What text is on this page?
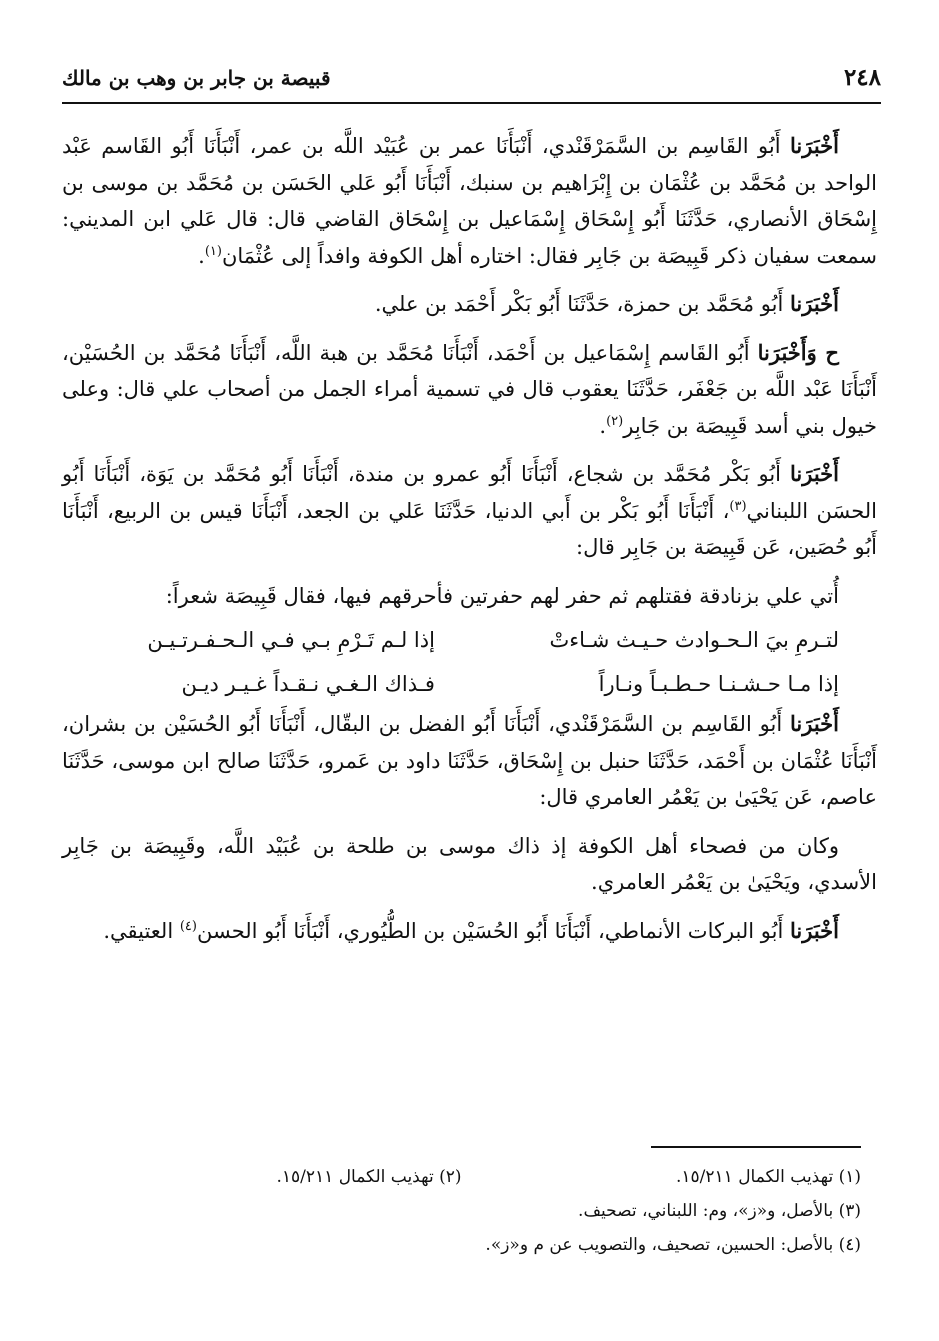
٢٤٨
قبيصة بن جابر بن وهب بن مالك

أَخْبَرَنا أَبُو القَاسِم بن السَّمَرْقَنْدي، أَنْبَأَنَا عمر بن عُبَيْد اللَّه بن عمر، أَنْبَأَنَا أَبُو القَاسم عَبْد الواحد بن مُحَمَّد بن عُثْمَان بن إِبْرَاهيم بن سنبك، أَنْبَأَنَا أَبُو عَلي الحَسَن بن مُحَمَّد بن موسى بن إِسْحَاق الأنصاري، حَدَّثَنَا أَبُو إِسْحَاق إِسْمَاعيل بن إِسْحَاق القاضي قال: قال عَلي ابن المديني: سمعت سفيان ذكر قَبِيصَة بن جَابِر فقال: اختاره أهل الكوفة وافداً إلى عُثْمَان$^{(١)}$.

أَخْبَرَنا أَبُو مُحَمَّد بن حمزة، حَدَّثَنَا أَبُو بَكْر أَحْمَد بن علي.

ح وَأَخْبَرَنا أَبُو القَاسم إِسْمَاعيل بن أَحْمَد، أَنْبَأَنَا مُحَمَّد بن هبة اللَّه، أَنْبَأَنَا مُحَمَّد بن الحُسَيْن، أَنْبَأَنَا عَبْد اللَّه بن جَعْفَر، حَدَّثَنَا يعقوب قال في تسمية أمراء الجمل من أصحاب علي قال: وعلى خيول بني أسد قَبِيصَة بن جَابِر$^{(٢)}$.

أَخْبَرَنا أَبُو بَكْر مُحَمَّد بن شجاع، أَنْبَأَنَا أَبُو عمرو بن مندة، أَنْبَأَنَا أَبُو مُحَمَّد بن يَوَة، أَنْبَأَنَا أَبُو الحسَن اللبناني$^{(٣)}$، أَنْبَأَنَا أَبُو بَكْر بن أَبي الدنيا، حَدَّثَنَا عَلي بن الجعد، أَنْبَأَنَا قيس بن الربيع، أَنْبَأَنَا أَبُو حُصَين، عَن قَبِيصَة بن جَابِر قال:

أُتي علي بزنادقة فقتلهم ثم حفر لهم حفرتين فأحرقهم فيها، فقال قَبِيصَة شعراً:

لتـرمِ بيَ الـحـوادث حـيـث شـاءتْ
إذا لـم تَـرْمِ بـي فـي الـحـفـرتـيـن
إذا مـا حـشـنـا حـطـبـاً ونـاراً
فـذاك الـغـي نـقـداً غـيـر ديـن

أَخْبَرَنا أَبُو القَاسِم بن السَّمَرْقَنْدي، أَنْبَأَنَا أَبُو الفضل بن البقّال، أَنْبَأَنَا أَبُو الحُسَيْن بن بشران، أَنْبَأَنَا عُثْمَان بن أَحْمَد، حَدَّثَنَا حنبل بن إِسْحَاق، حَدَّثَنَا داود بن عَمرو، حَدَّثَنَا صالح ابن موسى، حَدَّثَنَا عاصم، عَن يَحْيَىٰ بن يَعْمُر العامري قال:

وكان من فصحاء أهل الكوفة إذ ذاك موسى بن طلحة بن عُبَيْد اللَّه، وقَبِيصَة بن جَابِر الأسدي، ويَحْيَىٰ بن يَعْمُر العامري.

أَخْبَرَنا أَبُو البركات الأنماطي، أَنْبَأَنَا أَبُو الحُسَيْن بن الطُّيُوري، أَنْبَأَنَا أَبُو الحسن$^{(٤)}$ العتيقي.

(١) تهذيب الكمال ١٥/٢١١.
(٢) تهذيب الكمال ١٥/٢١١.
(٣) بالأصل، و«ز»، وم: اللبناني، تصحيف.
(٤) بالأصل: الحسين، تصحيف، والتصويب عن م و«ز».
